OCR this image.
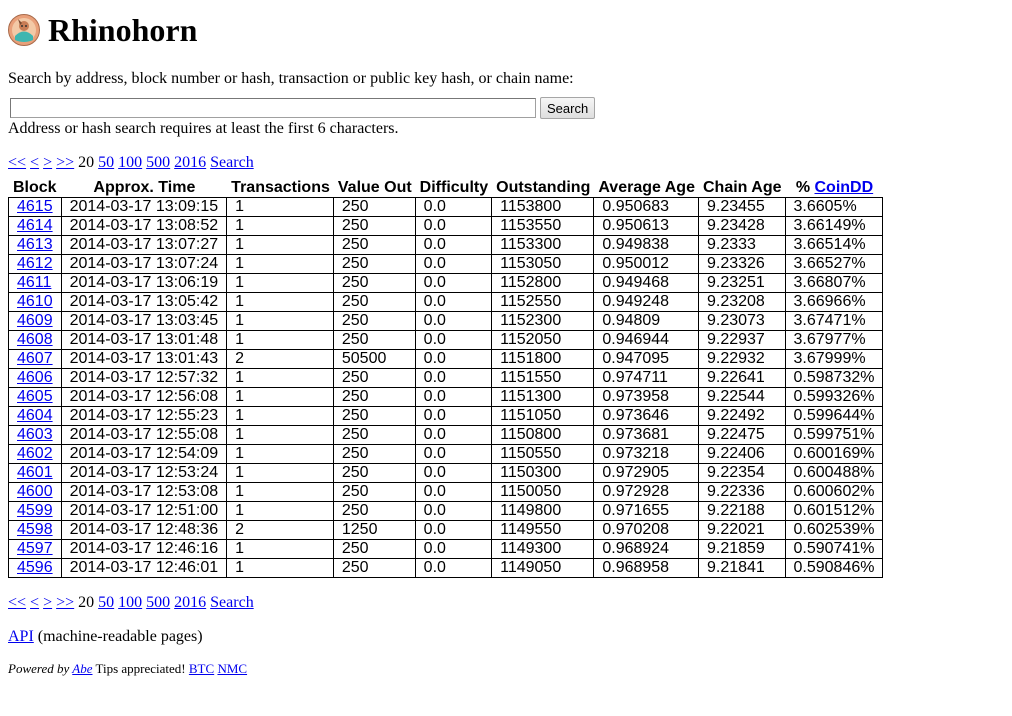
Rhinohorn
Search by address, block number or hash, transaction or public key hash, or chain name:
Search
Address or hash search requires at least the first 6 characters.
<< < > >> 20 50 100 500 2016 Search
Block	Approx. Time	Transactions	Value Out	Difficulty	Outstanding	Average Age	Chain Age	% CoinDD
4615	2014-03-17 13:09:15	1	250	0.0	1153800	0.950683	9.23455	3.6605%
4614	2014-03-17 13:08:52	1	250	0.0	1153550	0.950613	9.23428	3.66149%
4613	2014-03-17 13:07:27	1	250	0.0	1153300	0.949838	9.2333	3.66514%
4612	2014-03-17 13:07:24	1	250	0.0	1153050	0.950012	9.23326	3.66527%
4611	2014-03-17 13:06:19	1	250	0.0	1152800	0.949468	9.23251	3.66807%
4610	2014-03-17 13:05:42	1	250	0.0	1152550	0.949248	9.23208	3.66966%
4609	2014-03-17 13:03:45	1	250	0.0	1152300	0.94809	9.23073	3.67471%
4608	2014-03-17 13:01:48	1	250	0.0	1152050	0.946944	9.22937	3.67977%
4607	2014-03-17 13:01:43	2	50500	0.0	1151800	0.947095	9.22932	3.67999%
4606	2014-03-17 12:57:32	1	250	0.0	1151550	0.974711	9.22641	0.598732%
4605	2014-03-17 12:56:08	1	250	0.0	1151300	0.973958	9.22544	0.599326%
4604	2014-03-17 12:55:23	1	250	0.0	1151050	0.973646	9.22492	0.599644%
4603	2014-03-17 12:55:08	1	250	0.0	1150800	0.973681	9.22475	0.599751%
4602	2014-03-17 12:54:09	1	250	0.0	1150550	0.973218	9.22406	0.600169%
4601	2014-03-17 12:53:24	1	250	0.0	1150300	0.972905	9.22354	0.600488%
4600	2014-03-17 12:53:08	1	250	0.0	1150050	0.972928	9.22336	0.600602%
4599	2014-03-17 12:51:00	1	250	0.0	1149800	0.971655	9.22188	0.601512%
4598	2014-03-17 12:48:36	2	1250	0.0	1149550	0.970208	9.22021	0.602539%
4597	2014-03-17 12:46:16	1	250	0.0	1149300	0.968924	9.21859	0.590741%
4596	2014-03-17 12:46:01	1	250	0.0	1149050	0.968958	9.21841	0.590846%
<< < > >> 20 50 100 500 2016 Search
API (machine-readable pages)
Powered by Abe Tips appreciated! BTC NMC
